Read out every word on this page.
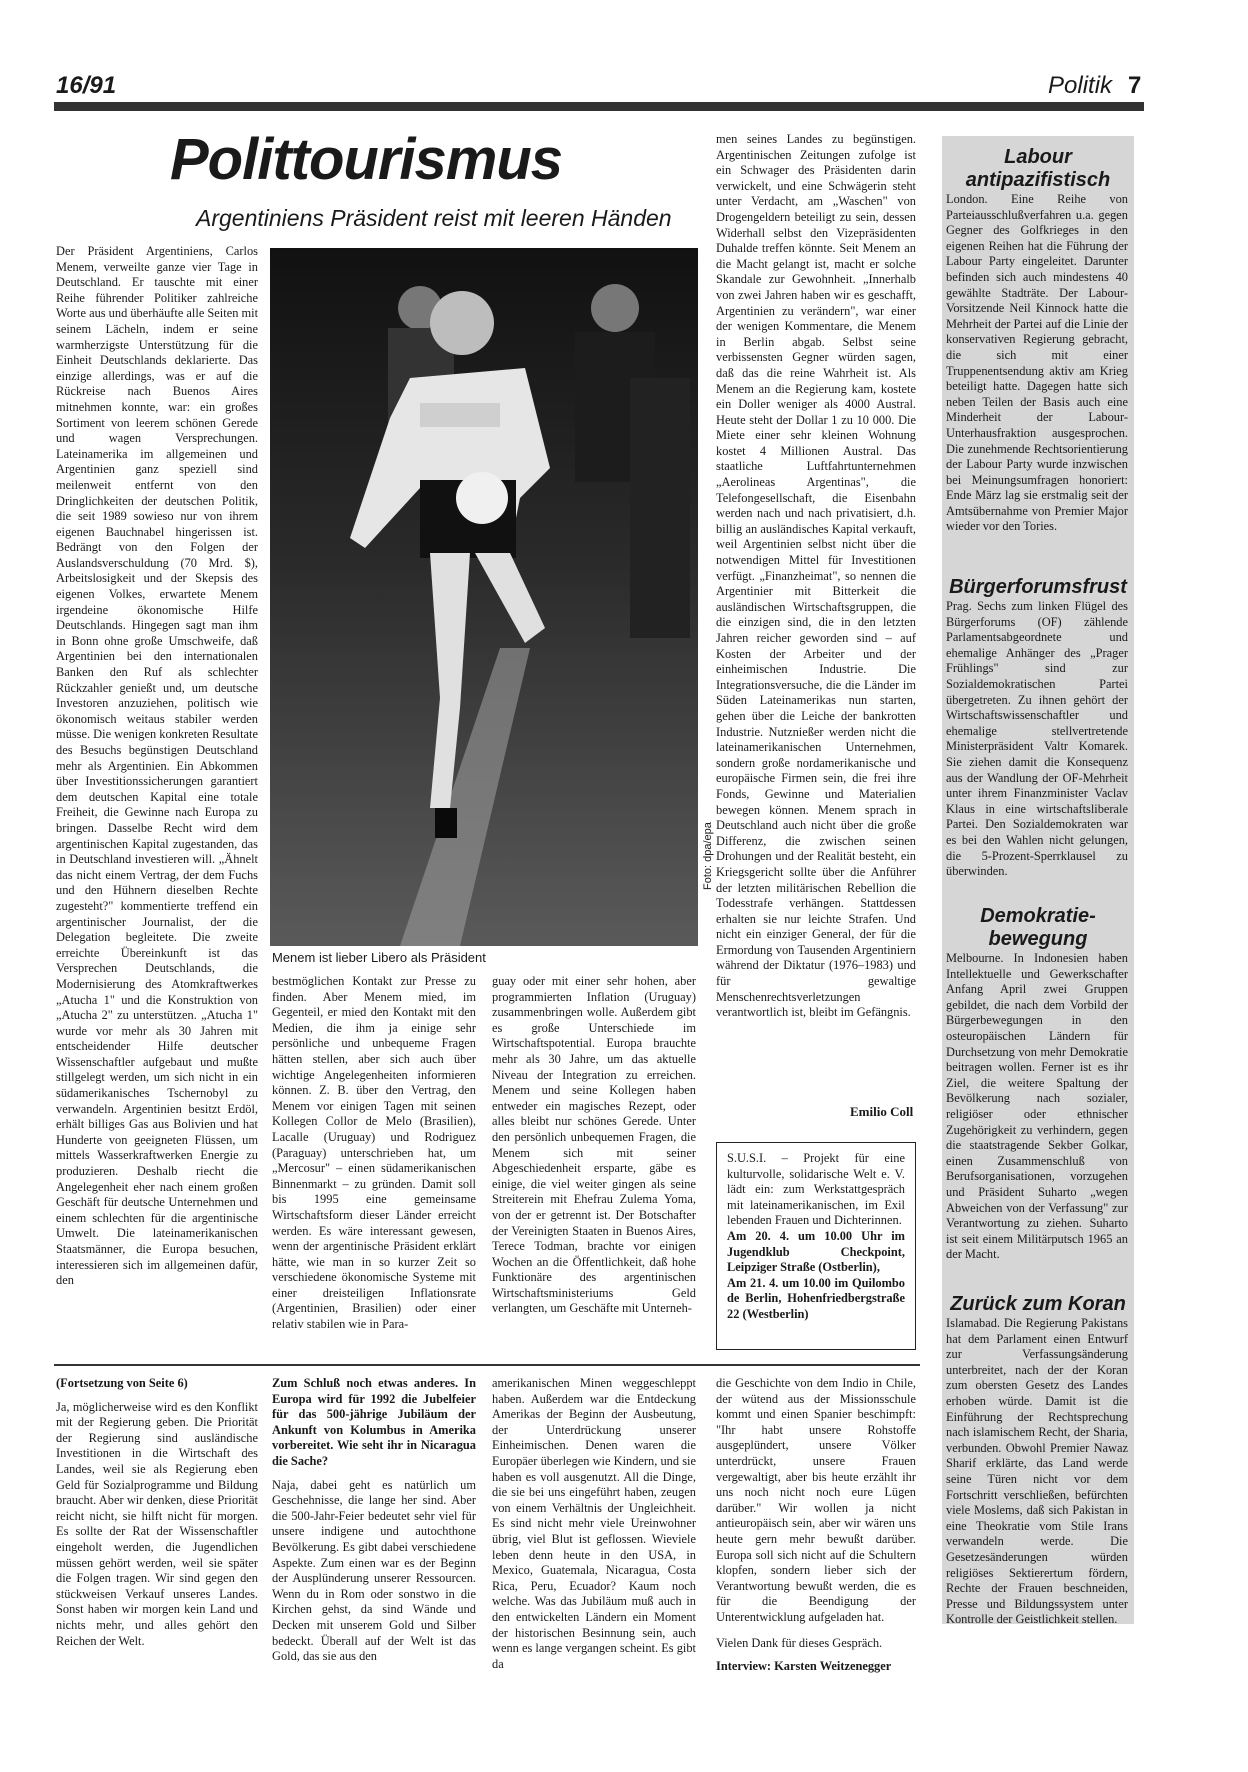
16/91	Politik 7
Polittourismus
Argentiniens Präsident reist mit leeren Händen

Der Präsident Argentiniens, Carlos Menem, verweilte ganze vier Tage in Deutschland. Er tauschte mit einer Reihe führender Politiker zahlreiche Worte aus und überhäufte alle Seiten mit seinem Lächeln, indem er seine warmherzigste Unterstützung für die Einheit Deutschlands deklarierte. Das einzige allerdings, was er auf die Rückreise nach Buenos Aires mitnehmen konnte, war: ein großes Sortiment von leerem schönen Gerede und wagen Versprechungen. Lateinamerika im allgemeinen und Argentinien ganz speziell sind meilenweit entfernt von den Dringlichkeiten der deutschen Politik, die seit 1989 sowieso nur von ihrem eigenen Bauchnabel hingerissen ist. Bedrängt von den Folgen der Auslandsverschuldung (70 Mrd. $), Arbeitslosigkeit und der Skepsis des eigenen Volkes, erwartete Menem irgendeine ökonomische Hilfe Deutschlands. Hingegen sagt man ihm in Bonn ohne große Umschweife, daß Argentinien bei den internationalen Banken den Ruf als schlechter Rückzahler genießt und, um deutsche Investoren anzuziehen, politisch wie ökonomisch weitaus stabiler werden müsse. Die wenigen konkreten Resultate des Besuchs begünstigen Deutschland mehr als Argentinien. Ein Abkommen über Investitionssicherungen garantiert dem deutschen Kapital eine totale Freiheit, die Gewinne nach Europa zu bringen. Dasselbe Recht wird dem argentinischen Kapital zugestanden, das in Deutschland investieren will. „Ähnelt das nicht einem Vertrag, der dem Fuchs und den Hühnern dieselben Rechte zugesteht?" kommentierte treffend ein argentinischer Journalist, der die Delegation begleitete. Die zweite erreichte Übereinkunft ist das Versprechen Deutschlands, die Modernisierung des Atomkraftwerkes „Atucha 1" und die Konstruktion von „Atucha 2" zu unterstützen. „Atucha 1" wurde vor mehr als 30 Jahren mit entscheidender Hilfe deutscher Wissenschaftler aufgebaut und mußte stillgelegt werden, um sich nicht in ein südamerikanisches Tschernobyl zu verwandeln. Argentinien besitzt Erdöl, erhält billiges Gas aus Bolivien und hat Hunderte von geeigneten Flüssen, um mittels Wasserkraftwerken Energie zu produzieren. Deshalb riecht die Angelegenheit eher nach einem großen Geschäft für deutsche Unternehmen und einem schlechten für die argentinische Umwelt. Die lateinamerikanischen Staatsmänner, die Europa besuchen, interessieren sich im allgemeinen dafür, den

Menem ist lieber Libero als Präsident
Foto: dpa/epa

bestmöglichen Kontakt zur Presse zu finden. Aber Menem mied, im Gegenteil, er mied den Kontakt mit den Medien, die ihm ja einige sehr persönliche und unbequeme Fragen hätten stellen, aber sich auch über wichtige Angelegenheiten informieren können. Z. B. über den Vertrag, den Menem vor einigen Tagen mit seinen Kollegen Collor de Melo (Brasilien), Lacalle (Uruguay) und Rodriguez (Paraguay) unterschrieben hat, um „Mercosur" – einen südamerikanischen Binnenmarkt – zu gründen. Damit soll bis 1995 eine gemeinsame Wirtschaftsform dieser Länder erreicht werden. Es wäre interessant gewesen, wenn der argentinische Präsident erklärt hätte, wie man in so kurzer Zeit so verschiedene ökonomische Systeme mit einer dreisteiligen Inflationsrate (Argentinien, Brasilien) oder einer relativ stabilen wie in Para-

guay oder mit einer sehr hohen, aber programmierten Inflation (Uruguay) zusammenbringen wolle. Außerdem gibt es große Unterschiede im Wirtschaftspotential. Europa brauchte mehr als 30 Jahre, um das aktuelle Niveau der Integration zu erreichen. Menem und seine Kollegen haben entweder ein magisches Rezept, oder alles bleibt nur schönes Gerede. Unter den persönlich unbequemen Fragen, die Menem sich mit seiner Abgeschiedenheit ersparte, gäbe es einige, die viel weiter gingen als seine Streiterein mit Ehefrau Zulema Yoma, von der er getrennt ist. Der Botschafter der Vereinigten Staaten in Buenos Aires, Terece Todman, brachte vor einigen Wochen an die Öffentlichkeit, daß hohe Funktionäre des argentinischen Wirtschaftsministeriums Geld verlangten, um Geschäfte mit Unterneh-

men seines Landes zu begünstigen. Argentinischen Zeitungen zufolge ist ein Schwager des Präsidenten darin verwickelt, und eine Schwägerin steht unter Verdacht, am „Waschen" von Drogengeldern beteiligt zu sein, dessen Widerhall selbst den Vizepräsidenten Duhalde treffen könnte. Seit Menem an die Macht gelangt ist, macht er solche Skandale zur Gewohnheit. „Innerhalb von zwei Jahren haben wir es geschafft, Argentinien zu verändern", war einer der wenigen Kommentare, die Menem in Berlin abgab. Selbst seine verbissensten Gegner würden sagen, daß das die reine Wahrheit ist. Als Menem an die Regierung kam, kostete ein Doller weniger als 4000 Austral. Heute steht der Dollar 1 zu 10 000. Die Miete einer sehr kleinen Wohnung kostet 4 Millionen Austral. Das staatliche Luftfahrtunternehmen „Aerolineas Argentinas", die Telefongesellschaft, die Eisenbahn werden nach und nach privatisiert, d.h. billig an ausländisches Kapital verkauft, weil Argentinien selbst nicht über die notwendigen Mittel für Investitionen verfügt. „Finanzheimat", so nennen die Argentinier mit Bitterkeit die ausländischen Wirtschaftsgruppen, die die einzigen sind, die in den letzten Jahren reicher geworden sind – auf Kosten der Arbeiter und der einheimischen Industrie. Die Integrationsversuche, die die Länder im Süden Lateinamerikas nun starten, gehen über die Leiche der bankrotten Industrie. Nutznießer werden nicht die lateinamerikanischen Unternehmen, sondern große nordamerikanische und europäische Firmen sein, die frei ihre Fonds, Gewinne und Materialien bewegen können. Menem sprach in Deutschland auch nicht über die große Differenz, die zwischen seinen Drohungen und der Realität besteht, ein Kriegsgericht sollte über die Anführer der letzten militärischen Rebellion die Todesstrafe verhängen. Stattdessen erhalten sie nur leichte Strafen. Und nicht ein einziger General, der für die Ermordung von Tausenden Argentiniern während der Diktatur (1976–1983) und für gewaltige Menschenrechtsverletzungen verantwortlich ist, bleibt im Gefängnis.

Emilio Coll

S.U.S.I. – Projekt für eine kulturvolle, solidarische Welt e. V. lädt ein: zum Werkstattgespräch mit lateinamerikanischen, im Exil lebenden Frauen und Dichterinnen.

Am 20. 4. um 10.00 Uhr im Jugendklub Checkpoint, Leipziger Straße (Ostberlin),

Am 21. 4. um 10.00 im Quilombo de Berlin, Hohenfriedbergstraße 22 (Westberlin)

Labour antipazifistisch

London. Eine Reihe von Parteiausschlußverfahren u.a. gegen Gegner des Golfkrieges in den eigenen Reihen hat die Führung der Labour Party eingeleitet. Darunter befinden sich auch mindestens 40 gewählte Stadträte. Der Labour-Vorsitzende Neil Kinnock hatte die Mehrheit der Partei auf die Linie der konservativen Regierung gebracht, die sich mit einer Truppenentsendung aktiv am Krieg beteiligt hatte. Dagegen hatte sich neben Teilen der Basis auch eine Minderheit der Labour-Unterhausfraktion ausgesprochen. Die zunehmende Rechtsorientierung der Labour Party wurde inzwischen bei Meinungsumfragen honoriert: Ende März lag sie erstmalig seit der Amtsübernahme von Premier Major wieder vor den Tories.

Bürgerforumsfrust

Prag. Sechs zum linken Flügel des Bürgerforums (OF) zählende Parlamentsabgeordnete und ehemalige Anhänger des „Prager Frühlings" sind zur Sozialdemokratischen Partei übergetreten. Zu ihnen gehört der Wirtschaftswissenschaftler und ehemalige stellvertretende Ministerpräsident Valtr Komarek. Sie ziehen damit die Konsequenz aus der Wandlung der OF-Mehrheit unter ihrem Finanzminister Vaclav Klaus in eine wirtschaftsliberale Partei. Den Sozialdemokraten war es bei den Wahlen nicht gelungen, die 5-Prozent-Sperrklausel zu überwinden.

Demokratie-bewegung

Melbourne. In Indonesien haben Intellektuelle und Gewerkschafter Anfang April zwei Gruppen gebildet, die nach dem Vorbild der Bürgerbewegungen in den osteuropäischen Ländern für Durchsetzung von mehr Demokratie beitragen wollen. Ferner ist es ihr Ziel, die weitere Spaltung der Bevölkerung nach sozialer, religiöser oder ethnischer Zugehörigkeit zu verhindern, gegen die staatstragende Sekber Golkar, einen Zusammenschluß von Berufsorganisationen, vorzugehen und Präsident Suharto „wegen Abweichen von der Verfassung" zur Verantwortung zu ziehen. Suharto ist seit einem Militärputsch 1965 an der Macht.

Zurück zum Koran

Islamabad. Die Regierung Pakistans hat dem Parlament einen Entwurf zur Verfassungsänderung unterbreitet, nach der der Koran zum obersten Gesetz des Landes erhoben würde. Damit ist die Einführung der Rechtsprechung nach islamischem Recht, der Sharia, verbunden. Obwohl Premier Nawaz Sharif erklärte, das Land werde seine Türen nicht vor dem Fortschritt verschließen, befürchten viele Moslems, daß sich Pakistan in eine Theokratie vom Stile Irans verwandeln werde. Die Gesetzesänderungen würden religiöses Sektierertum fördern, Rechte der Frauen beschneiden, Presse und Bildungssystem unter Kontrolle der Geistlichkeit stellen.

(Fortsetzung von Seite 6)

Ja, möglicherweise wird es den Konflikt mit der Regierung geben. Die Priorität der Regierung sind ausländische Investitionen in die Wirtschaft des Landes, weil sie als Regierung eben Geld für Sozialprogramme und Bildung braucht. Aber wir denken, diese Priorität reicht nicht, sie hilft nicht für morgen. Es sollte der Rat der Wissenschaftler eingeholt werden, die Jugendlichen müssen gehört werden, weil sie später die Folgen tragen. Wir sind gegen den stückweisen Verkauf unseres Landes. Sonst haben wir morgen kein Land und nichts mehr, und alles gehört den Reichen der Welt.

Zum Schluß noch etwas anderes. In Europa wird für 1992 die Jubelfeier für das 500-jährige Jubiläum der Ankunft von Kolumbus in Amerika vorbereitet. Wie seht ihr in Nicaragua die Sache?

Naja, dabei geht es natürlich um Geschehnisse, die lange her sind. Aber die 500-Jahr-Feier bedeutet sehr viel für unsere indigene und autochthone Bevölkerung. Es gibt dabei verschiedene Aspekte. Zum einen war es der Beginn der Ausplünderung unserer Ressourcen. Wenn du in Rom oder sonstwo in die Kirchen gehst, da sind Wände und Decken mit unserem Gold und Silber bedeckt. Überall auf der Welt ist das Gold, das sie aus den

amerikanischen Minen weggeschleppt haben. Außerdem war die Entdeckung Amerikas der Beginn der Ausbeutung, der Unterdrückung unserer Einheimischen. Denen waren die Europäer überlegen wie Kindern, und sie haben es voll ausgenutzt. All die Dinge, die sie bei uns eingeführt haben, zeugen von einem Verhältnis der Ungleichheit. Es sind nicht mehr viele Ureinwohner übrig, viel Blut ist geflossen. Wieviele leben denn heute in den USA, in Mexico, Guatemala, Nicaragua, Costa Rica, Peru, Ecuador? Kaum noch welche. Was das Jubiläum muß auch in den entwickelten Ländern ein Moment der historischen Besinnung sein, auch wenn es lange vergangen scheint. Es gibt da

die Geschichte von dem Indio in Chile, der wütend aus der Missionsschule kommt und einen Spanier beschimpft: "Ihr habt unsere Rohstoffe ausgeplündert, unsere Völker unterdrückt, unsere Frauen vergewaltigt, aber bis heute erzählt ihr uns noch nicht noch eure Lügen darüber." Wir wollen ja nicht antieuropäisch sein, aber wir wären uns heute gern mehr bewußt darüber. Europa soll sich nicht auf die Schultern klopfen, sondern lieber sich der Verantwortung bewußt werden, die es für die Beendigung der Unterentwicklung aufgeladen hat.

Vielen Dank für dieses Gespräch.

Interview: Karsten Weitzenegger
